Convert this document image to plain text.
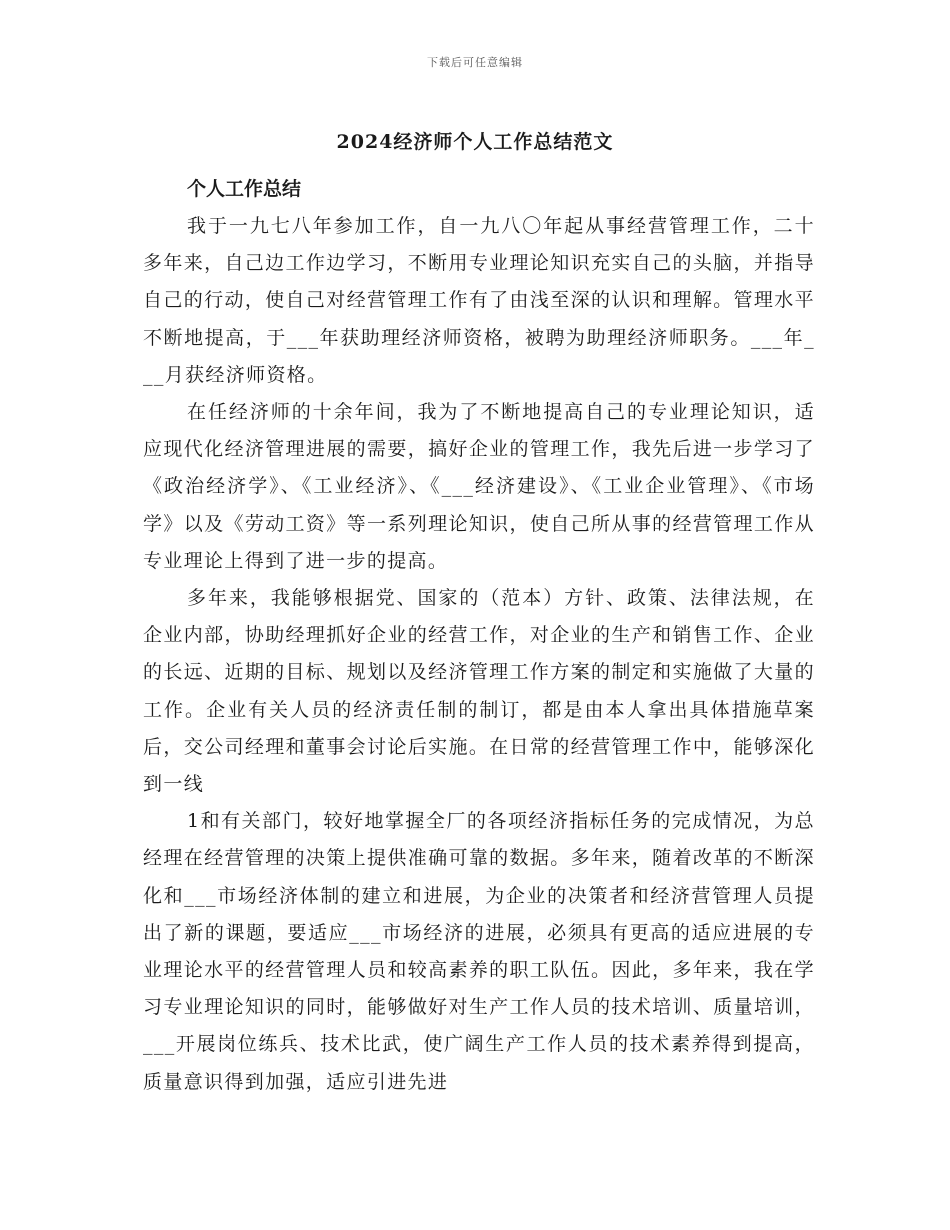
下载后可任意编辑
2024经济师个人工作总结范文

个人工作总结

我于一九七八年参加工作，自一九八〇年起从事经营管理工作，二十多年来，自己边工作边学习，不断用专业理论知识充实自己的头脑，并指导自己的行动，使自己对经营管理工作有了由浅至深的认识和理解。管理水平不断地提高，于___年获助理经济师资格，被聘为助理经济师职务。___年___月获经济师资格。

在任经济师的十余年间，我为了不断地提高自己的专业理论知识，适应现代化经济管理进展的需要，搞好企业的管理工作，我先后进一步学习了《政治经济学》、《工业经济》、《___经济建设》、《工业企业管理》、《市场学》以及《劳动工资》等一系列理论知识，使自己所从事的经营管理工作从专业理论上得到了进一步的提高。

多年来，我能够根据党、国家的（范本）方针、政策、法律法规，在企业内部，协助经理抓好企业的经营工作，对企业的生产和销售工作、企业的长远、近期的目标、规划以及经济管理工作方案的制定和实施做了大量的工作。企业有关人员的经济责任制的制订，都是由本人拿出具体措施草案后，交公司经理和董事会讨论后实施。在日常的经营管理工作中，能够深化到一线

1和有关部门，较好地掌握全厂的各项经济指标任务的完成情况，为总经理在经营管理的决策上提供准确可靠的数据。多年来，随着改革的不断深化和___市场经济体制的建立和进展，为企业的决策者和经济营管理人员提出了新的课题，要适应___市场经济的进展，必须具有更高的适应进展的专业理论水平的经营管理人员和较高素养的职工队伍。因此，多年来，我在学习专业理论知识的同时，能够做好对生产工作人员的技术培训、质量培训，___开展岗位练兵、技术比武，使广阔生产工作人员的技术素养得到提高，质量意识得到加强，适应引进先进
